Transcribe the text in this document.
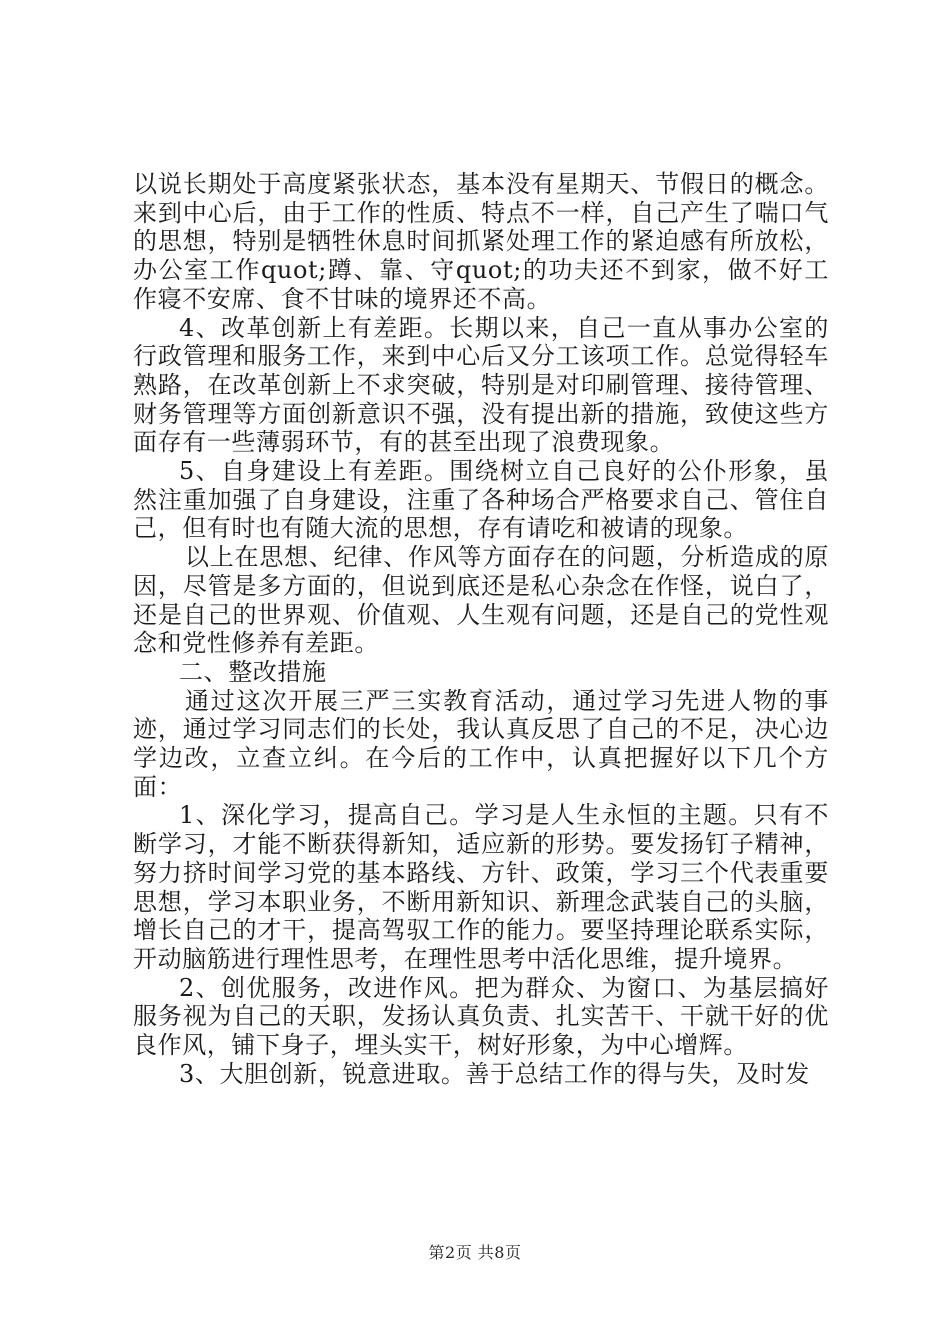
以说长期处于高度紧张状态，基本没有星期天、节假日的概念。来到中心后，由于工作的性质、特点不一样，自己产生了喘口气的思想，特别是牺牲休息时间抓紧处理工作的紧迫感有所放松，办公室工作quot;蹲、靠、守quot;的功夫还不到家，做不好工作寝不安席、食不甘味的境界还不高。

4、改革创新上有差距。长期以来，自己一直从事办公室的行政管理和服务工作，来到中心后又分工该项工作。总觉得轻车熟路，在改革创新上不求突破，特别是对印刷管理、接待管理、财务管理等方面创新意识不强，没有提出新的措施，致使这些方面存有一些薄弱环节，有的甚至出现了浪费现象。

5、自身建设上有差距。围绕树立自己良好的公仆形象，虽然注重加强了自身建设，注重了各种场合严格要求自己、管住自己，但有时也有随大流的思想，存有请吃和被请的现象。

以上在思想、纪律、作风等方面存在的问题，分析造成的原因，尽管是多方面的，但说到底还是私心杂念在作怪，说白了，还是自己的世界观、价值观、人生观有问题，还是自己的党性观念和党性修养有差距。

二、整改措施

通过这次开展三严三实教育活动，通过学习先进人物的事迹，通过学习同志们的长处，我认真反思了自己的不足，决心边学边改，立查立纠。在今后的工作中，认真把握好以下几个方面：

1、深化学习，提高自己。学习是人生永恒的主题。只有不断学习，才能不断获得新知，适应新的形势。要发扬钉子精神，努力挤时间学习党的基本路线、方针、政策，学习三个代表重要思想，学习本职业务，不断用新知识、新理念武装自己的头脑，增长自己的才干，提高驾驭工作的能力。要坚持理论联系实际，开动脑筋进行理性思考，在理性思考中活化思维，提升境界。

2、创优服务，改进作风。把为群众、为窗口、为基层搞好服务视为自己的天职，发扬认真负责、扎实苦干、干就干好的优良作风，铺下身子，埋头实干，树好形象，为中心增辉。

3、大胆创新，锐意进取。善于总结工作的得与失，及时发

第2页 共8页
